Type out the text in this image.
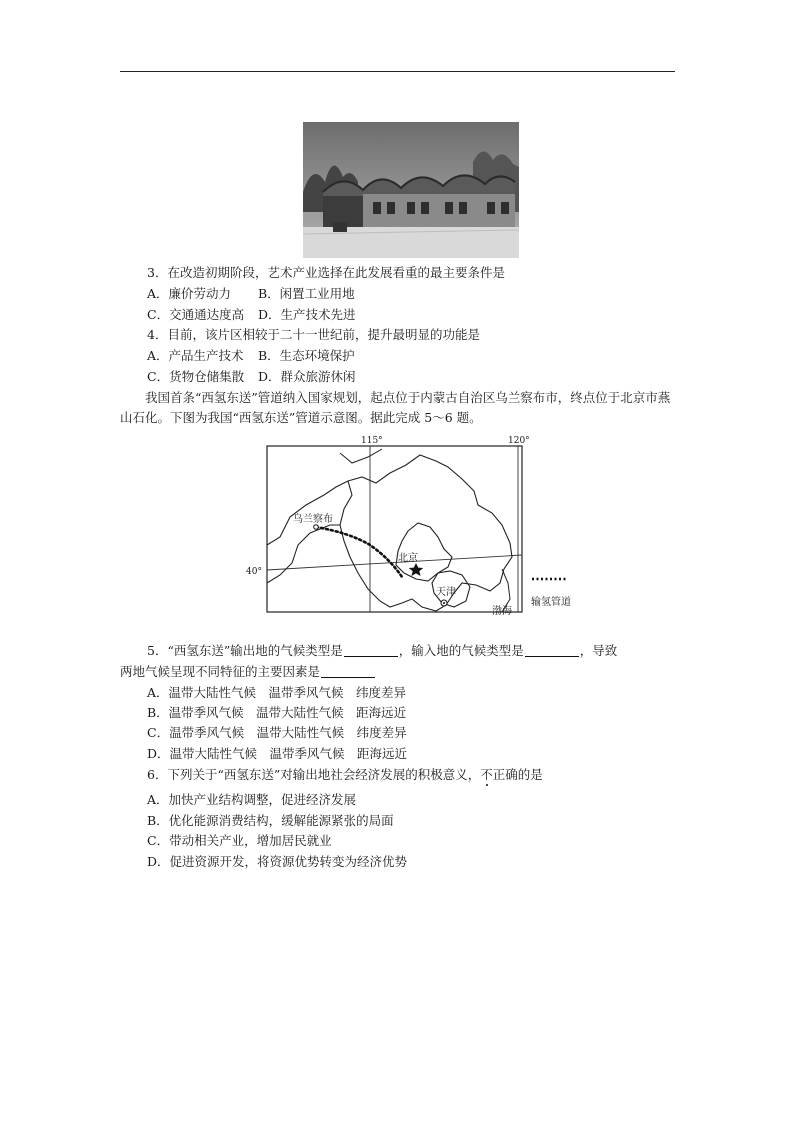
3．在改造初期阶段，艺术产业选择在此发展看重的最主要条件是
A．廉价劳动力 B．闲置工业用地
C．交通通达度高 D．生产技术先进
4．目前，该片区相较于二十一世纪前，提升最明显的功能是
A．产品生产技术 B．生态环境保护
C．货物仓储集散 D．群众旅游休闲
我国首条“西氢东送”管道纳入国家规划，起点位于内蒙古自治区乌兰察布市，终点位于北京市燕山石化。下图为我国“西氢东送”管道示意图。据此完成 5～6 题。
115°	120°
40°
乌兰察布
北京
天津
渤海
输氢管道
5．“西氢东送”输出地的气候类型是	，输入地的气候类型是	，导致
两地气候呈现不同特征的主要因素是
A．温带大陆性气候　温带季风气候　纬度差异
B．温带季风气候　温带大陆性气候　距海远近
C．温带季风气候　温带大陆性气候　纬度差异
D．温带大陆性气候　温带季风气候　距海远近
6．下列关于“西氢东送”对输出地社会经济发展的积极意义，不正确的是
A．加快产业结构调整，促进经济发展
B．优化能源消费结构，缓解能源紧张的局面
C．带动相关产业，增加居民就业
D．促进资源开发，将资源优势转变为经济优势
